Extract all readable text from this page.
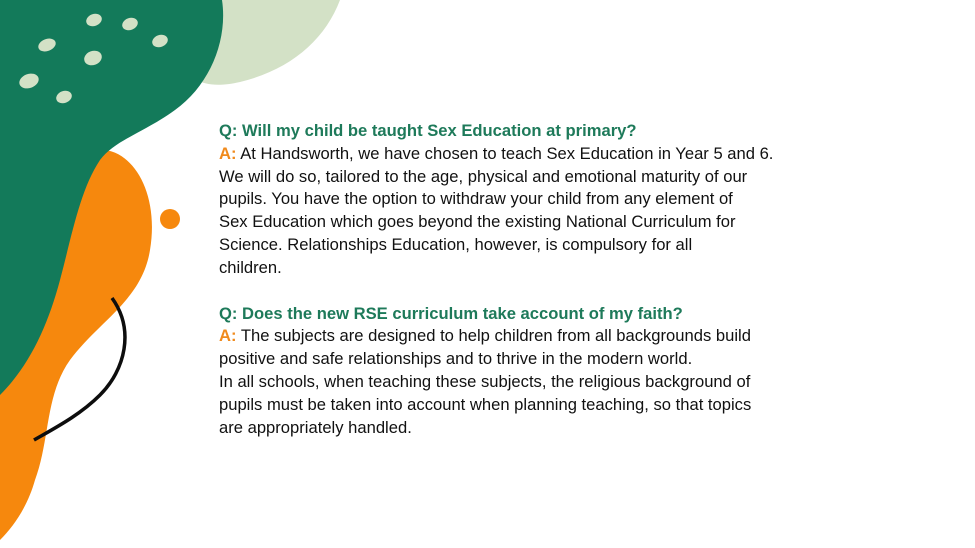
Q: Will my child be taught Sex Education at primary?

A: At Handsworth, we have chosen to teach Sex Education in Year 5 and 6.
We will do so, tailored to the age, physical and emotional maturity of our
pupils. You have the option to withdraw your child from any element of
Sex Education which goes beyond the existing National Curriculum for
Science. Relationships Education, however, is compulsory for all
children.

Q: Does the new RSE curriculum take account of my faith?

A: The subjects are designed to help children from all backgrounds build
positive and safe relationships and to thrive in the modern world.
In all schools, when teaching these subjects, the religious background of
pupils must be taken into account when planning teaching, so that topics
are appropriately handled.
